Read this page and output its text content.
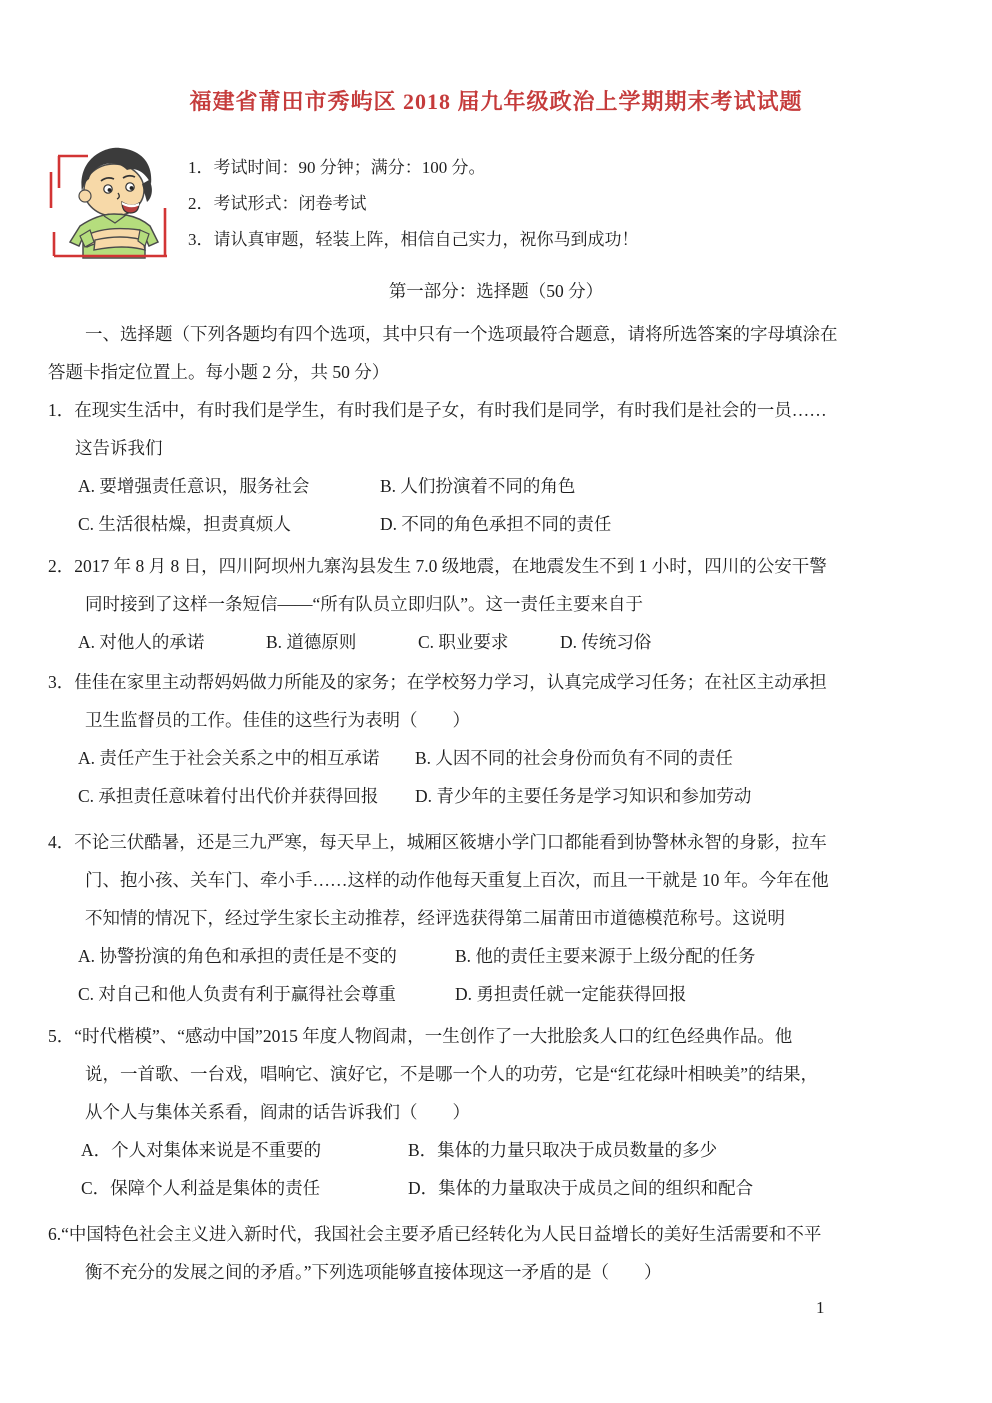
福建省莆田市秀屿区 2018 届九年级政治上学期期末考试试题
1．考试时间：90 分钟；满分：100 分。
2．考试形式：闭卷考试
3．请认真审题，轻装上阵，相信自己实力，祝你马到成功！
第一部分：选择题（50 分）
一、选择题（下列各题均有四个选项，其中只有一个选项最符合题意，请将所选答案的字母填涂在
答题卡指定位置上。每小题 2 分，共 50 分）
1．在现实生活中，有时我们是学生，有时我们是子女，有时我们是同学，有时我们是社会的一员……
这告诉我们
A. 要增强责任意识，服务社会	B. 人们扮演着不同的角色
C. 生活很枯燥，担责真烦人	D. 不同的角色承担不同的责任
2．2017 年 8 月 8 日，四川阿坝州九寨沟县发生 7.0 级地震，在地震发生不到 1 小时，四川的公安干警
同时接到了这样一条短信——“所有队员立即归队”。这一责任主要来自于
A. 对他人的承诺	B. 道德原则	C. 职业要求	D. 传统习俗
3．佳佳在家里主动帮妈妈做力所能及的家务；在学校努力学习，认真完成学习任务；在社区主动承担
卫生监督员的工作。佳佳的这些行为表明（　　）
A. 责任产生于社会关系之中的相互承诺	B. 人因不同的社会身份而负有不同的责任
C. 承担责任意味着付出代价并获得回报	D. 青少年的主要任务是学习知识和参加劳动
4．不论三伏酷暑，还是三九严寒，每天早上，城厢区筱塘小学门口都能看到协警林永智的身影，拉车
门、抱小孩、关车门、牵小手……这样的动作他每天重复上百次，而且一干就是 10 年。今年在他
不知情的情况下，经过学生家长主动推荐，经评选获得第二届莆田市道德模范称号。这说明
A. 协警扮演的角色和承担的责任是不变的	B. 他的责任主要来源于上级分配的任务
C. 对自己和他人负责有利于赢得社会尊重	D. 勇担责任就一定能获得回报
5．“时代楷模”、“感动中国”2015 年度人物阎肃，一生创作了一大批脍炙人口的红色经典作品。他
说，一首歌、一台戏，唱响它、演好它，不是哪一个人的功劳，它是“红花绿叶相映美”的结果，
从个人与集体关系看，阎肃的话告诉我们（　　）
A．个人对集体来说是不重要的	B．集体的力量只取决于成员数量的多少
C．保障个人利益是集体的责任	D．集体的力量取决于成员之间的组织和配合
6.“中国特色社会主义进入新时代，我国社会主要矛盾已经转化为人民日益增长的美好生活需要和不平
衡不充分的发展之间的矛盾。”下列选项能够直接体现这一矛盾的是（　　）
1
